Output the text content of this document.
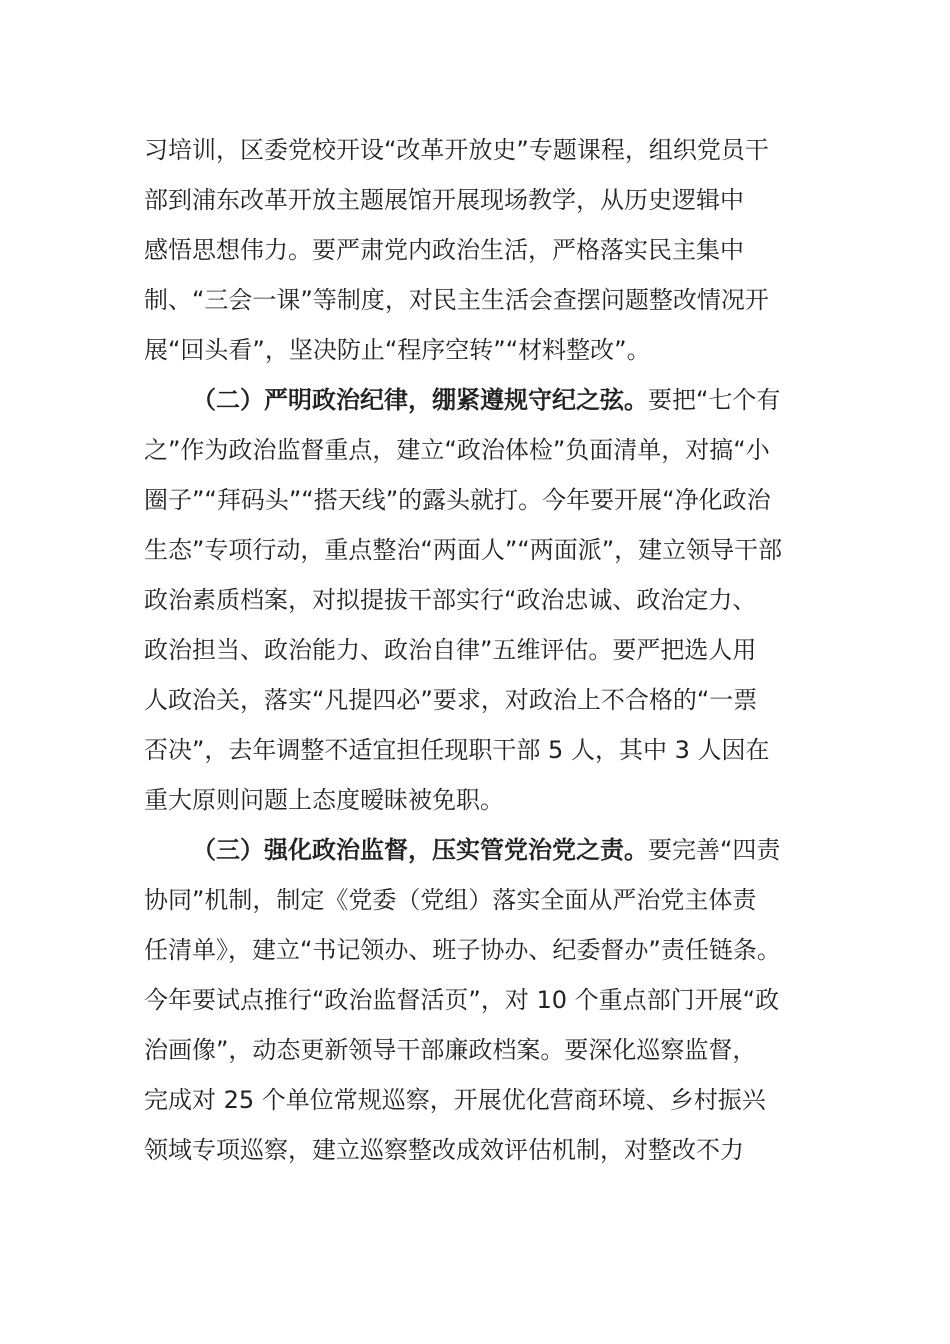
习培训，区委党校开设“改革开放史”专题课程，组织党员干
部到浦东改革开放主题展馆开展现场教学，从历史逻辑中
感悟思想伟力。要严肃党内政治生活，严格落实民主集中
制、“三会一课”等制度，对民主生活会查摆问题整改情况开
展“回头看”，坚决防止“程序空转”“材料整改”。
（二）严明政治纪律，绷紧遵规守纪之弦。要把“七个有
之”作为政治监督重点，建立“政治体检”负面清单，对搞“小
圈子”“拜码头”“搭天线”的露头就打。今年要开展“净化政治
生态”专项行动，重点整治“两面人”“两面派”，建立领导干部
政治素质档案，对拟提拔干部实行“政治忠诚、政治定力、
政治担当、政治能力、政治自律”五维评估。要严把选人用
人政治关，落实“凡提四必”要求，对政治上不合格的“一票
否决”，去年调整不适宜担任现职干部 5 人，其中 3 人因在
重大原则问题上态度暧昧被免职。
（三）强化政治监督，压实管党治党之责。要完善“四责
协同”机制，制定《党委（党组）落实全面从严治党主体责
任清单》，建立“书记领办、班子协办、纪委督办”责任链条。
今年要试点推行“政治监督活页”，对 10 个重点部门开展“政
治画像”，动态更新领导干部廉政档案。要深化巡察监督，
完成对 25 个单位常规巡察，开展优化营商环境、乡村振兴
领域专项巡察，建立巡察整改成效评估机制，对整改不力
